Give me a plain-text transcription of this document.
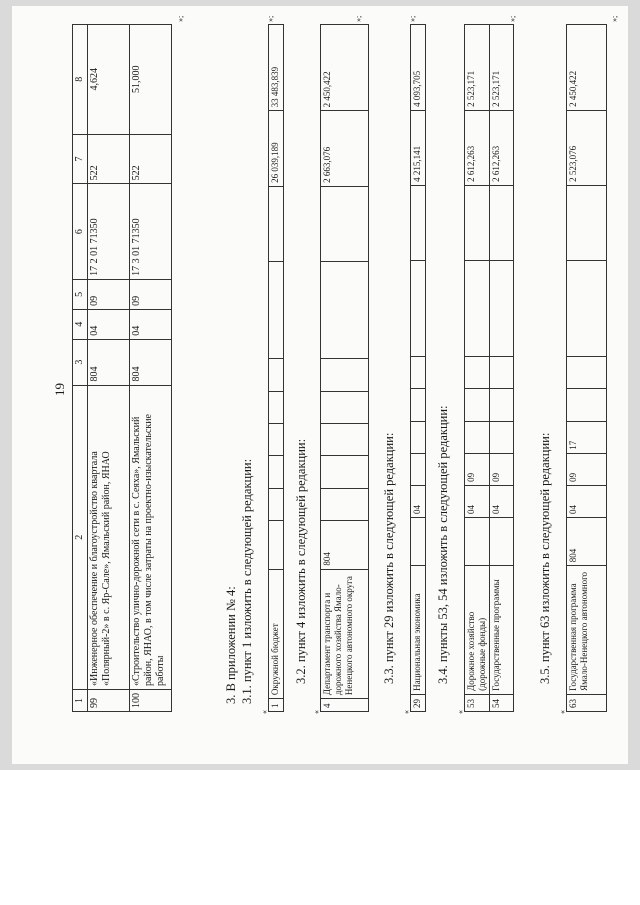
19
1	2	3	4	5	6	7	8
99	«Инженерное обеспечение и благоустройство квартала «Полярный-2» в с. Яр-Сале», Ямальский район, ЯНАО	804	04	09	17 2 01 71350	522	4,624
100	«Строительство улично-дорожной сети в с. Сеяха», Ямальский район, ЯНАО, в том числе затраты на проектно-изыскательские работы	804	04	09	17 3 01 71350	522	51,000
»;
3. В приложении № 4: 3.1. пункт 1 изложить в следующей редакции:
«
1	Окружной бюджет									26 039,189	33 483,839
»;
3.2. пункт 4 изложить в следующей редакции:
«
4	Департамент транспорта и дорожного хозяйства Ямало-Ненецкого автономного округа	804								2 663,076	2 450,422
»;
3.3. пункт 29 изложить в следующей редакции:
«
29	Национальная экономика		04							4 215,141	4 093,705
»;
3.4. пункты 53, 54 изложить в следующей редакции:
«
53	Дорожное хозяйство (дорожные фонды)		04	09						2 612,263	2 523,171
54	Государственные программы		04	09						2 612,263	2 523,171
»;
3.5. пункт 63 изложить в следующей редакции:
«
63	Государственная программа Ямало-Ненецкого автономного	804	04	09	17					2 523,076	2 450,422
»;
